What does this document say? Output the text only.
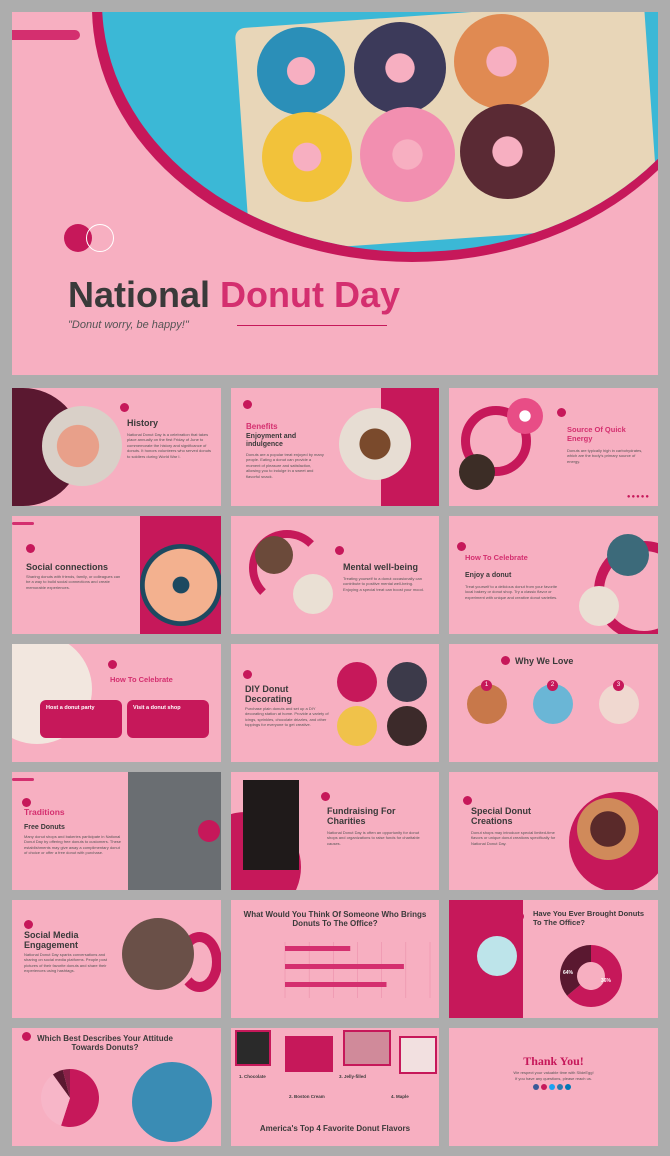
National Donut Day
"Donut worry, be happy!"
History
National Donut Day is a celebration that takes place annually on the first Friday of June to commemorate the history and significance of donuts. It honors volunteers who served donuts to soldiers during World War I.
Benefits
Enjoyment and indulgence
Donuts are a popular treat enjoyed by many people. Eating a donut can provide a moment of pleasure and satisfaction, allowing you to indulge in a sweet and flavorful snack.
Source Of Quick Energy
Donuts are typically high in carbohydrates, which are the body's primary source of energy.
●●●●●
Social connections
Sharing donuts with friends, family, or colleagues can be a way to build social connections and create memorable experiences.
Mental well-being
Treating yourself to a donut occasionally can contribute to positive mental well-being. Enjoying a special treat can boost your mood.
How To Celebrate
Enjoy a donut
Treat yourself to a delicious donut from your favorite local bakery or donut shop. Try a classic flavor or experiment with unique and creative donut varieties.
How To Celebrate
Host a donut party	Visit a donut shop
DIY Donut Decorating
Purchase plain donuts and set up a DIY decorating station at home. Provide a variety of icings, sprinkles, chocolate drizzles, and other toppings for everyone to get creative.
Why We Love
1	2	3
Traditions
Free Donuts
Many donut shops and bakeries participate in National Donut Day by offering free donuts to customers. These establishments may give away a complimentary donut of choice or offer a free donut with purchase.
Fundraising For Charities
National Donut Day is often an opportunity for donut shops and organizations to raise funds for charitable causes.
Special Donut Creations
Donut shops may introduce special limited-time flavors or unique donut creations specifically for National Donut Day.
Social Media Engagement
National Donut Day sparks conversations and sharing on social media platforms. People post pictures of their favorite donuts and share their experiences using hashtags.
What Would You Think Of Someone Who Brings Donuts To The Office?
Have You Ever Brought Donuts To The Office?
64%
36%
Which Best Describes Your Attitude Towards Donuts?
1. Chocolate
2. Boston Cream
3. Jelly-filled
4. Maple
America's Top 4 Favorite Donut Flavors
Thank You!
We respect your valuable time with SlideEgg!
If you have any questions, please reach us.
